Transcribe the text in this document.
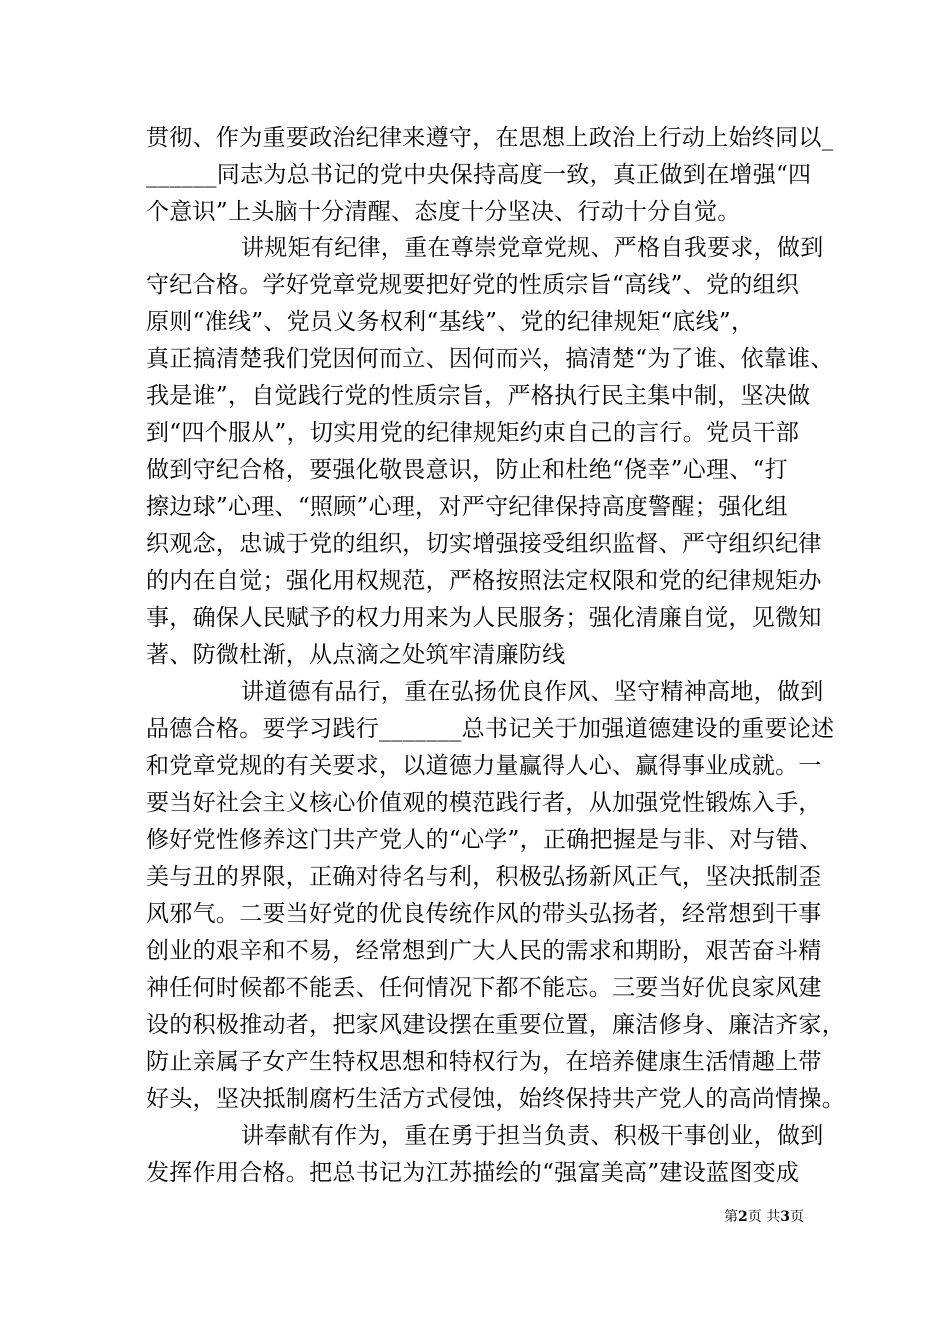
贯彻、作为重要政治纪律来遵守，在思想上政治上行动上始终同以_
______同志为总书记的党中央保持高度一致，真正做到在增强“四
个意识”上头脑十分清醒、态度十分坚决、行动十分自觉。
讲规矩有纪律，重在尊崇党章党规、严格自我要求，做到
守纪合格。学好党章党规要把好党的性质宗旨“高线”、党的组织
原则“准线”、党员义务权利“基线”、党的纪律规矩“底线”，
真正搞清楚我们党因何而立、因何而兴，搞清楚“为了谁、依靠谁、
我是谁”，自觉践行党的性质宗旨，严格执行民主集中制，坚决做
到“四个服从”，切实用党的纪律规矩约束自己的言行。党员干部
做到守纪合格，要强化敬畏意识，防止和杜绝“侥幸”心理、“打
擦边球”心理、“照顾”心理，对严守纪律保持高度警醒；强化组
织观念，忠诚于党的组织，切实增强接受组织监督、严守组织纪律
的内在自觉；强化用权规范，严格按照法定权限和党的纪律规矩办
事，确保人民赋予的权力用来为人民服务；强化清廉自觉，见微知
著、防微杜渐，从点滴之处筑牢清廉防线
讲道德有品行，重在弘扬优良作风、坚守精神高地，做到
品德合格。要学习践行_______总书记关于加强道德建设的重要论述
和党章党规的有关要求，以道德力量赢得人心、赢得事业成就。一
要当好社会主义核心价值观的模范践行者，从加强党性锻炼入手，
修好党性修养这门共产党人的“心学”，正确把握是与非、对与错、
美与丑的界限，正确对待名与利，积极弘扬新风正气，坚决抵制歪
风邪气。二要当好党的优良传统作风的带头弘扬者，经常想到干事
创业的艰辛和不易，经常想到广大人民的需求和期盼，艰苦奋斗精
神任何时候都不能丢、任何情况下都不能忘。三要当好优良家风建
设的积极推动者，把家风建设摆在重要位置，廉洁修身、廉洁齐家，
防止亲属子女产生特权思想和特权行为，在培养健康生活情趣上带
好头，坚决抵制腐朽生活方式侵蚀，始终保持共产党人的高尚情操。
讲奉献有作为，重在勇于担当负责、积极干事创业，做到
发挥作用合格。把总书记为江苏描绘的“强富美高”建设蓝图变成
第2页 共3页
